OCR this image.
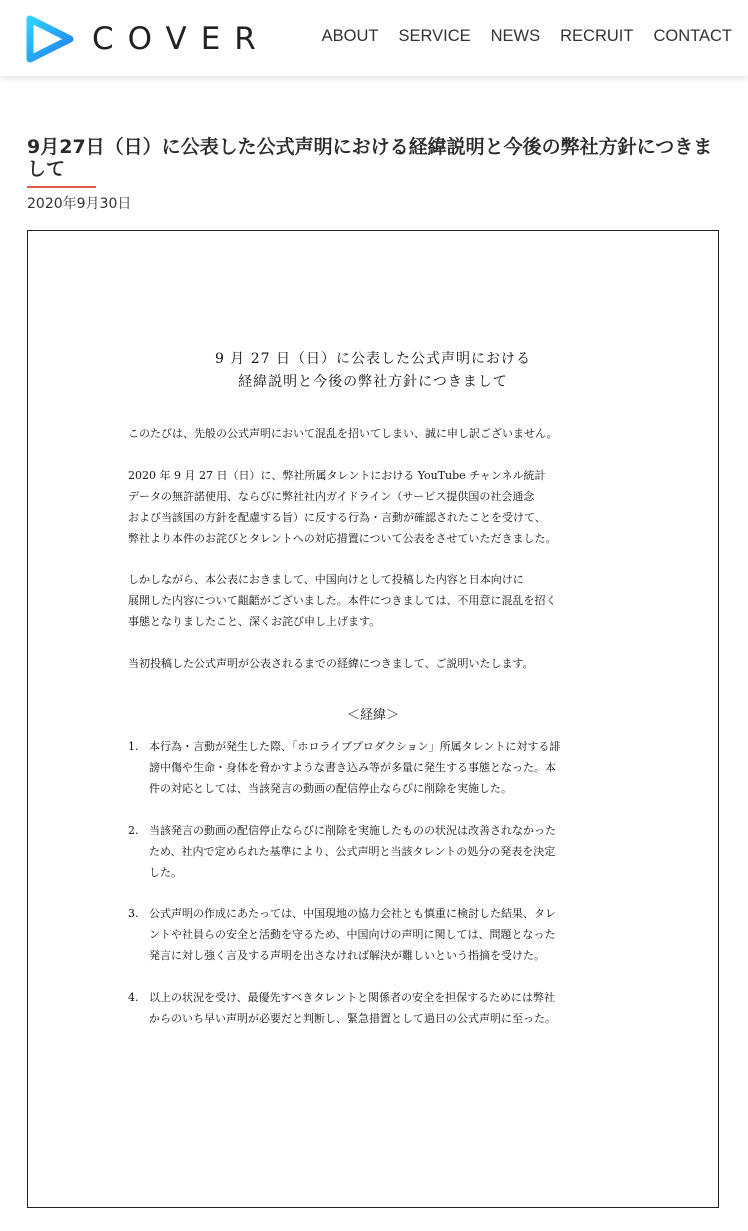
COVER	ABOUT SERVICE NEWS RECRUIT CONTACT
9月27日（日）に公表した公式声明における経緯説明と今後の弊社方針につきまして
2020年9月30日
9 月 27 日（日）に公表した公式声明における
経緯説明と今後の弊社方針につきまして
このたびは、先般の公式声明において混乱を招いてしまい、誠に申し訳ございません。
2020 年 9 月 27 日（日）に、弊社所属タレントにおける YouTube チャンネル統計
データの無許諾使用、ならびに弊社社内ガイドライン（サービス提供国の社会通念
および当該国の方針を配慮する旨）に反する行為・言動が確認されたことを受けて、
弊社より本件のお詫びとタレントへの対応措置について公表をさせていただきました。
しかしながら、本公表におきまして、中国向けとして投稿した内容と日本向けに
展開した内容について齟齬がございました。本件につきましては、不用意に混乱を招く
事態となりましたこと、深くお詫び申し上げます。
当初投稿した公式声明が公表されるまでの経緯につきまして、ご説明いたします。
＜経緯＞
1. 本行為・言動が発生した際、「ホロライブプロダクション」所属タレントに対する誹
謗中傷や生命・身体を脅かすような書き込み等が多量に発生する事態となった。本
件の対応としては、当該発言の動画の配信停止ならびに削除を実施した。
2. 当該発言の動画の配信停止ならびに削除を実施したものの状況は改善されなかった
ため、社内で定められた基準により、公式声明と当該タレントの処分の発表を決定
した。
3. 公式声明の作成にあたっては、中国現地の協力会社とも慎重に検討した結果、タレ
ントや社員らの安全と活動を守るため、中国向けの声明に関しては、問題となった
発言に対し強く言及する声明を出さなければ解決が難しいという指摘を受けた。
4. 以上の状況を受け、最優先すべきタレントと関係者の安全を担保するためには弊社
からのいち早い声明が必要だと判断し、緊急措置として過日の公式声明に至った。
